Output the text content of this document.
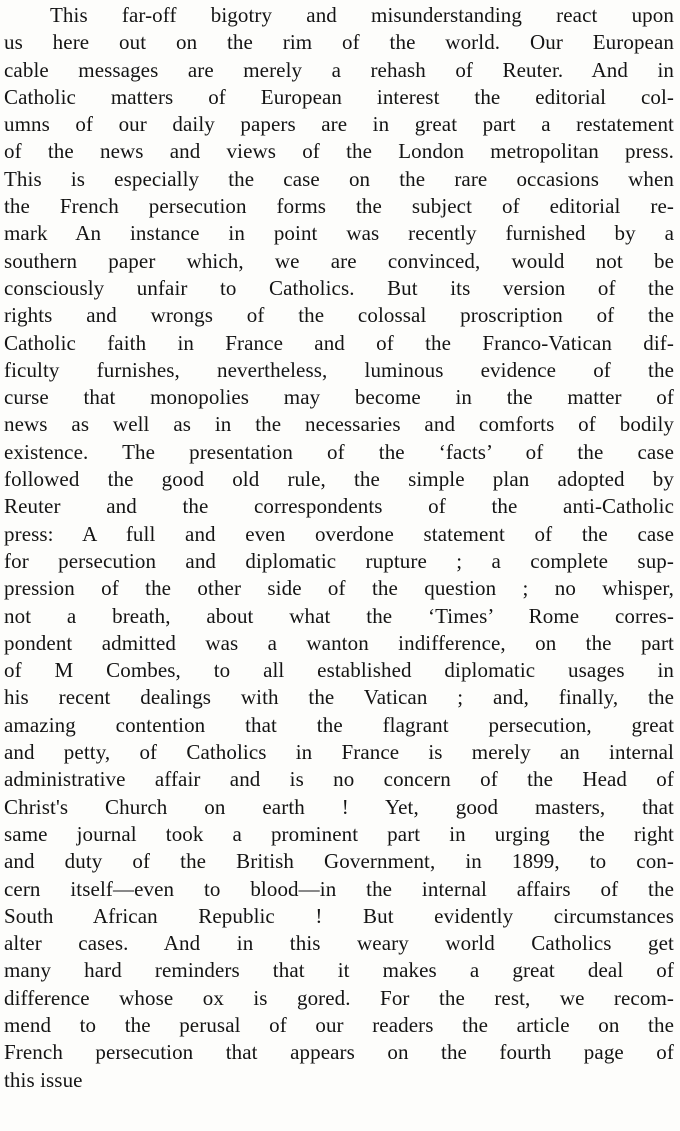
This far-off bigotry and misunderstanding react upon
us here out on the rim of the world. Our European
cable messages are merely a rehash of Reuter. And in
Catholic matters of European interest the editorial col-
umns of our daily papers are in great part a restatement
of the news and views of the London metropolitan press.
This is especially the case on the rare occasions when
the French persecution forms the subject of editorial re-
mark An instance in point was recently furnished by a
southern paper which, we are convinced, would not be
consciously unfair to Catholics. But its version of the
rights and wrongs of the colossal proscription of the
Catholic faith in France and of the Franco-Vatican dif-
ficulty furnishes, nevertheless, luminous evidence of the
curse that monopolies may become in the matter of
news as well as in the necessaries and comforts of bodily
existence. The presentation of the ‘facts’ of the case
followed the good old rule, the simple plan adopted by
Reuter and the correspondents of the anti-Catholic
press: A full and even overdone statement of the case
for persecution and diplomatic rupture ; a complete sup-
pression of the other side of the question ; no whisper,
not a breath, about what the ‘Times’ Rome corres-
pondent admitted was a wanton indifference, on the part
of M Combes, to all established diplomatic usages in
his recent dealings with the Vatican ; and, finally, the
amazing contention that the flagrant persecution, great
and petty, of Catholics in France is merely an internal
administrative affair and is no concern of the Head of
Christ's Church on earth ! Yet, good masters, that
same journal took a prominent part in urging the right
and duty of the British Government, in 1899, to con-
cern itself—even to blood—in the internal affairs of the
South African Republic ! But evidently circumstances
alter cases. And in this weary world Catholics get
many hard reminders that it makes a great deal of
difference whose ox is gored. For the rest, we recom-
mend to the perusal of our readers the article on the
French persecution that appears on the fourth page of
this issue
